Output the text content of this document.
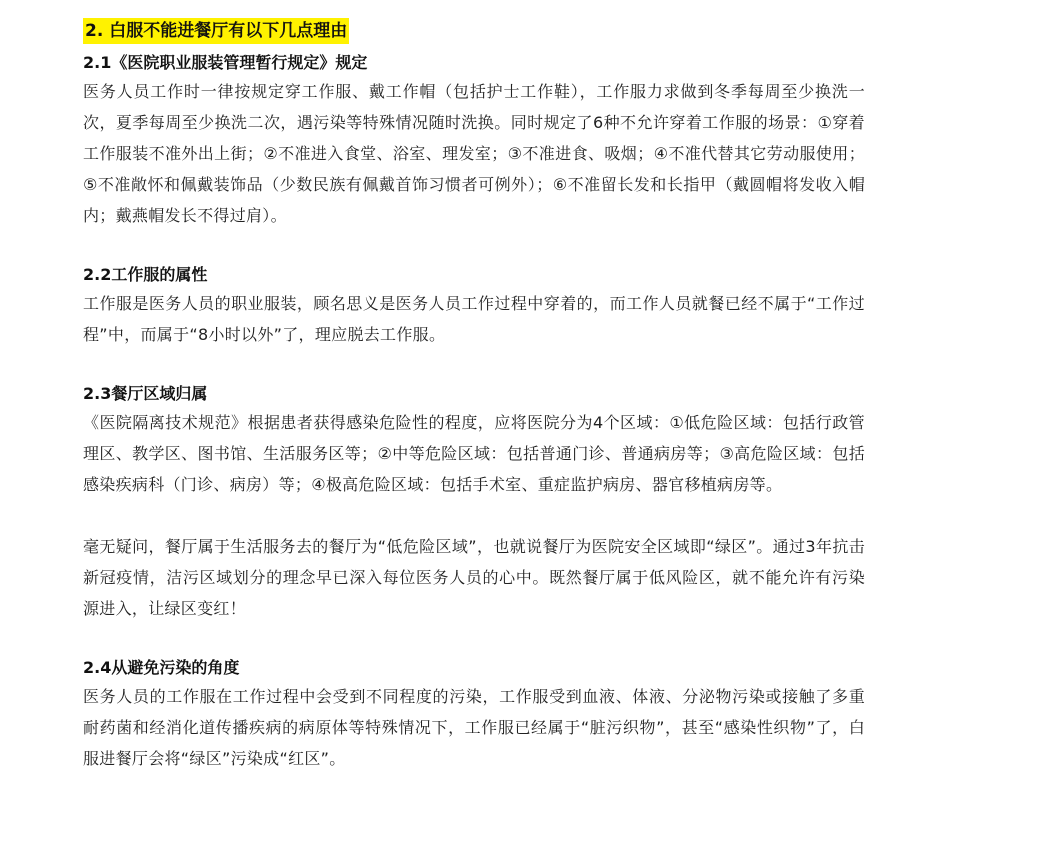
2. 白服不能进餐厅有以下几点理由

2.1《医院职业服装管理暂行规定》规定

医务人员工作时一律按规定穿工作服、戴工作帽（包括护士工作鞋），工作服力求做到冬季每周至少换洗一次，夏季每周至少换洗二次，遇污染等特殊情况随时洗换。同时规定了6种不允许穿着工作服的场景：①穿着工作服装不准外出上街；②不准进入食堂、浴室、理发室；③不准进食、吸烟；④不准代替其它劳动服使用；⑤不准敞怀和佩戴装饰品（少数民族有佩戴首饰习惯者可例外）；⑥不准留长发和长指甲（戴圆帽将发收入帽内；戴燕帽发长不得过肩）。

2.2工作服的属性

工作服是医务人员的职业服装，顾名思义是医务人员工作过程中穿着的，而工作人员就餐已经不属于“工作过程”中，而属于“8小时以外”了，理应脱去工作服。

2.3餐厅区域归属

《医院隔离技术规范》根据患者获得感染危险性的程度，应将医院分为4个区域：①低危险区域：包括行政管理区、教学区、图书馆、生活服务区等；②中等危险区域：包括普通门诊、普通病房等；③高危险区域：包括感染疾病科（门诊、病房）等；④极高危险区域：包括手术室、重症监护病房、器官移植病房等。

毫无疑问，餐厅属于生活服务去的餐厅为“低危险区域”，也就说餐厅为医院安全区域即“绿区”。通过3年抗击新冠疫情，洁污区域划分的理念早已深入每位医务人员的心中。既然餐厅属于低风险区，就不能允许有污染源进入，让绿区变红！

2.4从避免污染的角度

医务人员的工作服在工作过程中会受到不同程度的污染，工作服受到血液、体液、分泌物污染或接触了多重耐药菌和经消化道传播疾病的病原体等特殊情况下，工作服已经属于“脏污织物”，甚至“感染性织物”了，白服进餐厅会将“绿区”污染成“红区”。
